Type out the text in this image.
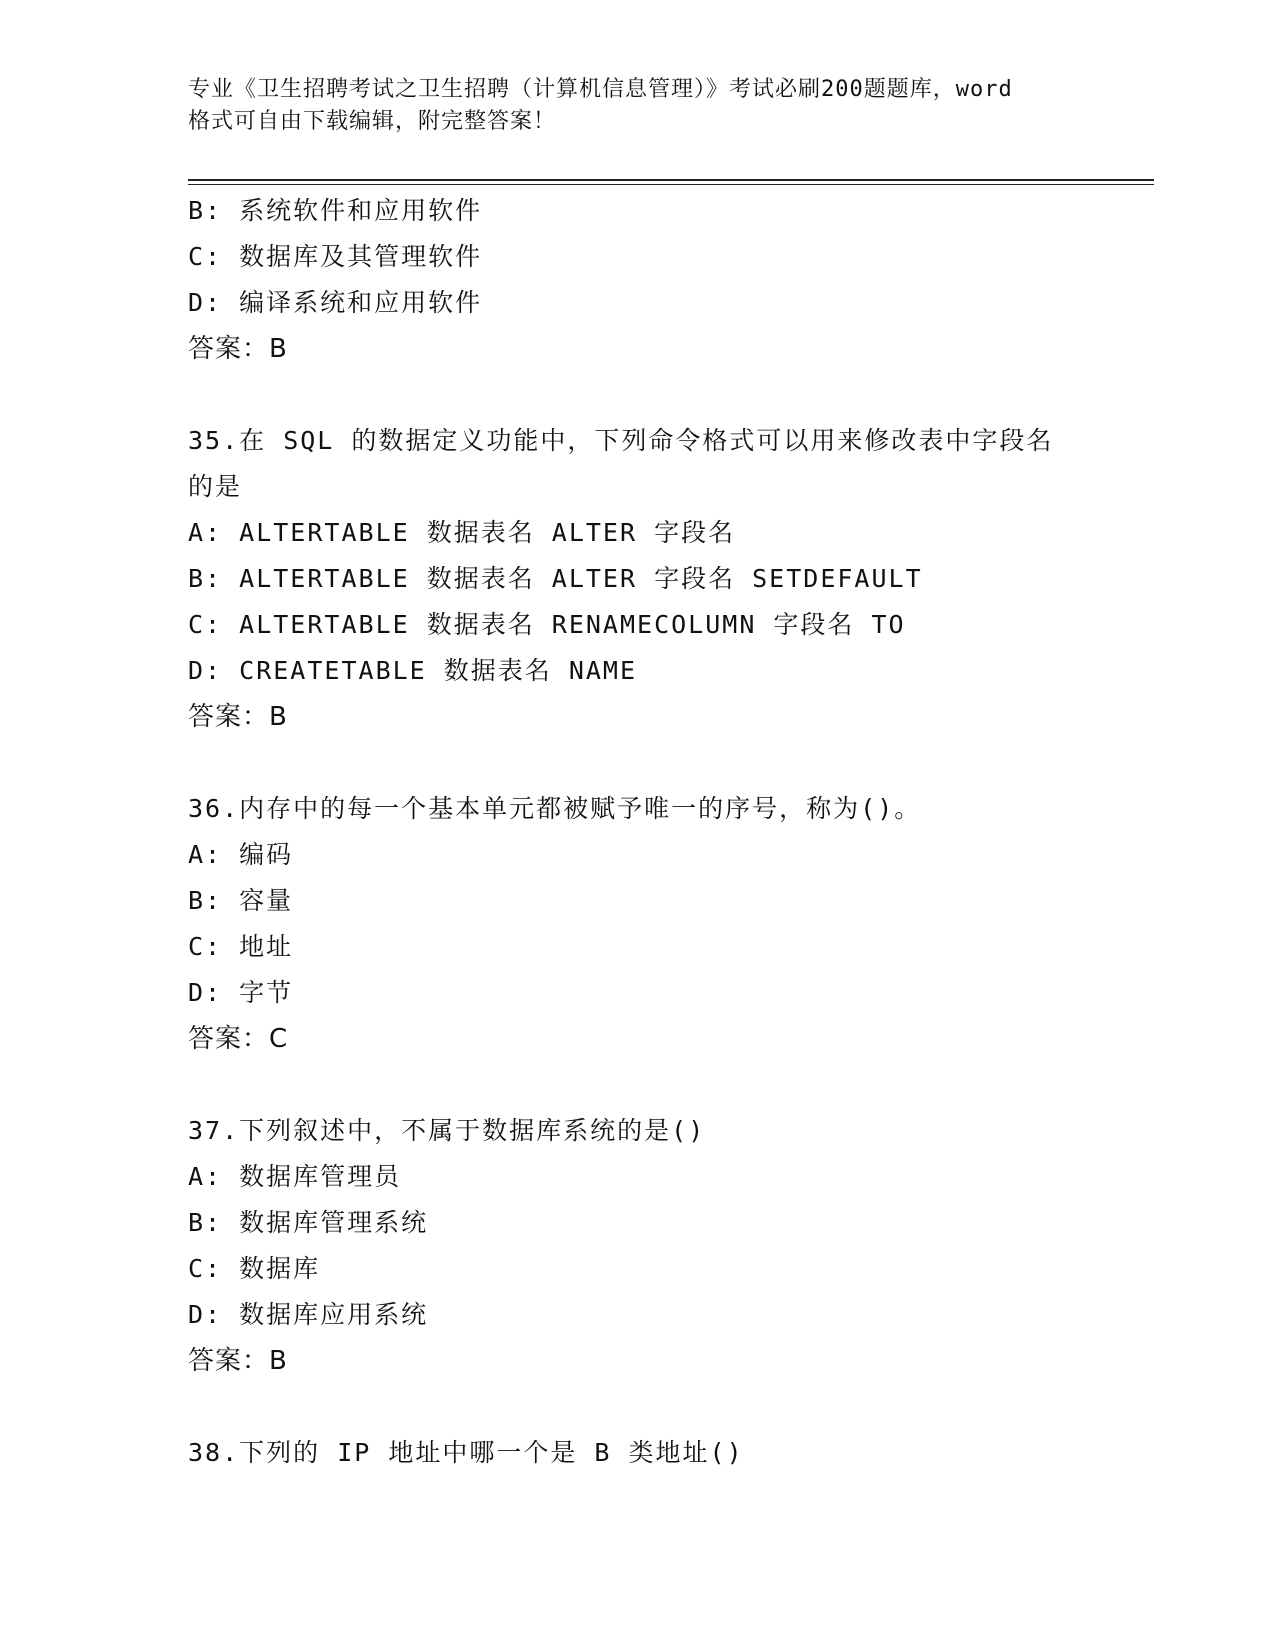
专业《卫生招聘考试之卫生招聘（计算机信息管理）》考试必刷200题题库，word
格式可自由下载编辑，附完整答案！
B: 系统软件和应用软件
C: 数据库及其管理软件
D: 编译系统和应用软件
答案：B
35.在 SQL 的数据定义功能中，下列命令格式可以用来修改表中字段名
的是
A: ALTERTABLE 数据表名 ALTER 字段名
B: ALTERTABLE 数据表名 ALTER 字段名 SETDEFAULT
C: ALTERTABLE 数据表名 RENAMECOLUMN 字段名 TO
D: CREATETABLE 数据表名 NAME
答案：B
36.内存中的每一个基本单元都被赋予唯一的序号，称为()。
A: 编码
B: 容量
C: 地址
D: 字节
答案：C
37.下列叙述中，不属于数据库系统的是()
A: 数据库管理员
B: 数据库管理系统
C: 数据库
D: 数据库应用系统
答案：B
38.下列的 IP 地址中哪一个是 B 类地址()
